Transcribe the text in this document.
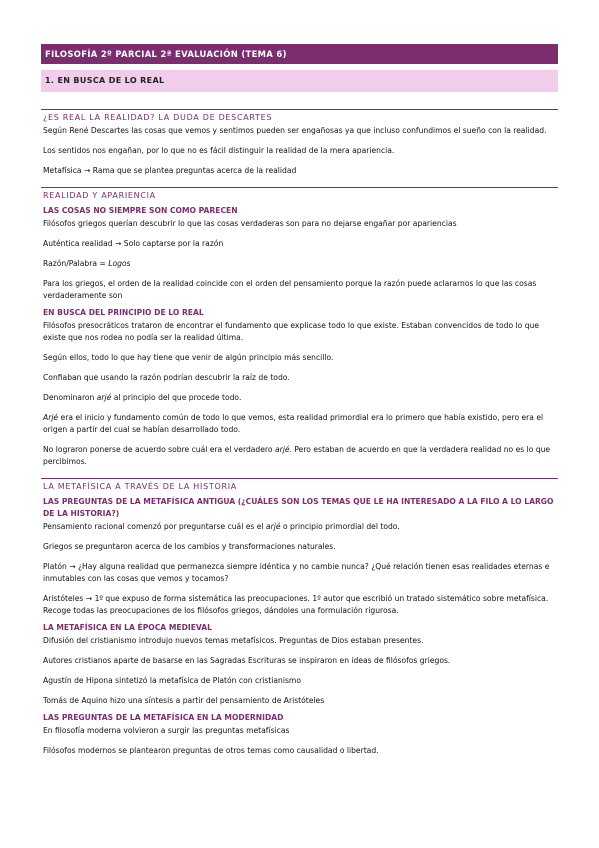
FILOSOFÍA 2º PARCIAL 2ª EVALUACIÓN (TEMA 6)
1. EN BUSCA DE LO REAL
¿ES REAL LA REALIDAD? LA DUDA DE DESCARTES

Según René Descartes las cosas que vemos y sentimos pueden ser engañosas ya que incluso confundimos el sueño con la realidad.

Los sentidos nos engañan, por lo que no es fácil distinguir la realidad de la mera apariencia.

Metafísica → Rama que se plantea preguntas acerca de la realidad

REALIDAD Y APARIENCIA
LAS COSAS NO SIEMPRE SON COMO PARECEN

Filósofos griegos querían descubrir lo que las cosas verdaderas son para no dejarse engañar por apariencias

Auténtica realidad → Solo captarse por la razón

Razón/Palabra = Logos

Para los griegos, el orden de la realidad coincide con el orden del pensamiento porque la razón puede aclararnos lo que las cosas verdaderamente son

EN BUSCA DEL PRINCIPIO DE LO REAL

Filósofos presocráticos trataron de encontrar el fundamento que explicase todo lo que existe. Estaban convencidos de todo lo que existe que nos rodea no podía ser la realidad última.

Según ellos, todo lo que hay tiene que venir de algún principio más sencillo.

Confiaban que usando la razón podrían descubrir la raíz de todo.

Denominaron arjé al principio del que procede todo.

Arjé era el inicio y fundamento común de todo lo que vemos, esta realidad primordial era lo primero que había existido, pero era el origen a partir del cual se habían desarrollado todo.

No lograron ponerse de acuerdo sobre cuál era el verdadero arjé. Pero estaban de acuerdo en que la verdadera realidad no es lo que percibimos.

LA METAFÍSICA A TRAVÉS DE LA HISTORIA
LAS PREGUNTAS DE LA METAFÍSICA ANTIGUA (¿CUÁLES SON LOS TEMAS QUE LE HA INTERESADO A LA FILO A LO LARGO DE LA HISTORIA?)

Pensamiento racional comenzó por preguntarse cuál es el arjé o principio primordial del todo.

Griegos se preguntaron acerca de los cambios y transformaciones naturales.

Platón → ¿Hay alguna realidad que permanezca siempre idéntica y no cambie nunca? ¿Qué relación tienen esas realidades eternas e inmutables con las cosas que vemos y tocamos?

Aristóteles → 1º que expuso de forma sistemática las preocupaciones. 1º autor que escribió un tratado sistemático sobre metafísica. Recoge todas las preocupaciones de los filósofos griegos, dándoles una formulación rigurosa.

LA METAFÍSICA EN LA ÉPOCA MEDIEVAL

Difusión del cristianismo introdujo nuevos temas metafísicos. Preguntas de Dios estaban presentes.

Autores cristianos aparte de basarse en las Sagradas Escrituras se inspiraron en ideas de filósofos griegos.

Agustín de Hipona sintetizó la metafísica de Platón con cristianismo

Tomás de Aquino hizo una síntesis a partir del pensamiento de Aristóteles

LAS PREGUNTAS DE LA METAFÍSICA EN LA MODERNIDAD

En filosofía moderna volvieron a surgir las preguntas metafísicas

Filósofos modernos se plantearon preguntas de otros temas como causalidad o libertad.
